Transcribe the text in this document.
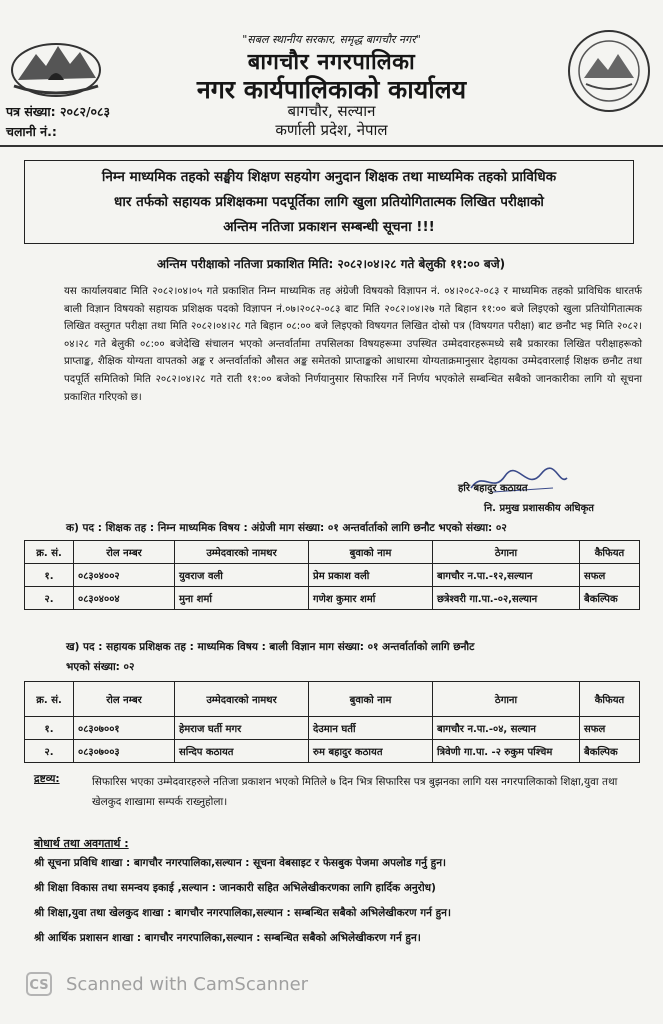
"सबल स्थानीय सरकार, समृद्ध बागचौर नगर"
बागचौर नगरपालिका
नगर कार्यपालिकाको कार्यालय
बागचौर, सल्यान
कर्णाली प्रदेश, नेपाल
पत्र संख्या: २०८२/०८३
चलानी नं.:
निम्न माध्यमिक तहको सङ्घीय शिक्षण सहयोग अनुदान शिक्षक तथा माध्यमिक तहको प्राविधिक
धार तर्फको सहायक प्रशिक्षकमा पदपूर्तिका लागि खुला प्रतियोगितात्मक लिखित परीक्षाको
अन्तिम नतिजा प्रकाशन सम्बन्धी सूचना !!!
अन्तिम परीक्षाको नतिजा प्रकाशित मिति: २०८२।०४।२८ गते बेलुकी ११:०० बजे)
यस कार्यालयबाट मिति २०८२।०४।०५ गते प्रकाशित निम्न माध्यमिक तह अंग्रेजी विषयको विज्ञापन नं. ०४।२०८२-०८३ र माध्यमिक तहको प्राविधिक धारतर्फ बाली विज्ञान विषयको सहायक प्रशिक्षक पदको विज्ञापन नं.०७।२०८२-०८३ बाट मिति २०८२।०४।२७ गते बिहान ११:०० बजे लिइएको खुला प्रतियोगितात्मक लिखित वस्तुगत परीक्षा तथा मिति २०८२।०४।२८ गते बिहान ०८:०० बजे लिइएको विषयगत लिखित दोस्रो पत्र (विषयगत परीक्षा) बाट छनौट भइ मिति २०८२।०४।२८ गते बेलुकी ०८:०० बजेदेखि संचालन भएको अन्तर्वार्तामा तपसिलका विषयहरूमा उपस्थित उम्मेदवारहरूमध्ये सबै प्रकारका लिखित परीक्षाहरूको प्राप्ताङ्क, शैक्षिक योग्यता वापतको अङ्क र अन्तर्वार्ताको औसत अङ्क समेतको प्राप्ताङ्कको आधारमा योग्यताक्रमानुसार देहायका उम्मेदवारलाई शिक्षक छनौट तथा पदपूर्ति समितिको मिति २०८२।०४।२८ गते राती ११:०० बजेको निर्णयानुसार सिफारिस गर्ने निर्णय भएकोले सम्बन्धित सबैको जानकारीका लागि यो सूचना प्रकाशित गरिएको छ।
हरि बहादुर कठायत
नि. प्रमुख प्रशासकीय अधिकृत
क) पद : शिक्षक तह : निम्न माध्यमिक विषय : अंग्रेजी माग संख्या: ०१ अन्तर्वार्ताको लागि छनौट भएको संख्या: ०२
क्र. सं.	रोल नम्बर	उम्मेदवारको नामथर	बुवाको नाम	ठेगाना	कैफियत
१.	०८३०४००२	युवराज वली	प्रेम प्रकाश वली	बागचौर न.पा.-१२,सल्यान	सफल
२.	०८३०४००४	मुना शर्मा	गणेश कुमार शर्मा	छत्रेश्वरी गा.पा.-०२,सल्यान	बैकल्पिक
ख) पद : सहायक प्रशिक्षक तह : माध्यमिक विषय : बाली विज्ञान माग संख्या: ०१ अन्तर्वार्ताको लागि छनौट
भएको संख्या: ०२
क्र. सं.	रोल नम्बर	उम्मेदवारको नामथर	बुवाको नाम	ठेगाना	कैफियत
१.	०८३०७००१	हेमराज घर्ती मगर	देउमान घर्ती	बागचौर न.पा.-०४, सल्यान	सफल
२.	०८३०७००३	सन्दिप कठायत	रुम बहादुर कठायत	त्रिवेणी गा.पा. -२ रुकुम पश्चिम	बैकल्पिक
द्रष्टव्य:	सिफारिस भएका उम्मेदवारहरुले नतिजा प्रकाशन भएको मितिले ७ दिन भित्र सिफारिस पत्र बुझनका लागि यस नगरपालिकाको शिक्षा,युवा तथा खेलकुद शाखामा सम्पर्क राख्नुहोला।
बोधार्थ तथा अवगतार्थ :
श्री सूचना प्रविधि शाखा : बागचौर नगरपालिका,सल्यान : सूचना वेबसाइट र फेसबुक पेजमा अपलोड गर्नु हुन।
श्री शिक्षा विकास तथा समन्वय इकाई ,सल्यान : जानकारी सहित अभिलेखीकरणका लागि हार्दिक अनुरोध)
श्री शिक्षा,युवा तथा खेलकुद शाखा : बागचौर नगरपालिका,सल्यान : सम्बन्धित सबैको अभिलेखीकरण गर्न हुन।
श्री आर्थिक प्रशासन शाखा : बागचौर नगरपालिका,सल्यान : सम्बन्धित सबैको अभिलेखीकरण गर्न हुन।
CS Scanned with CamScanner
